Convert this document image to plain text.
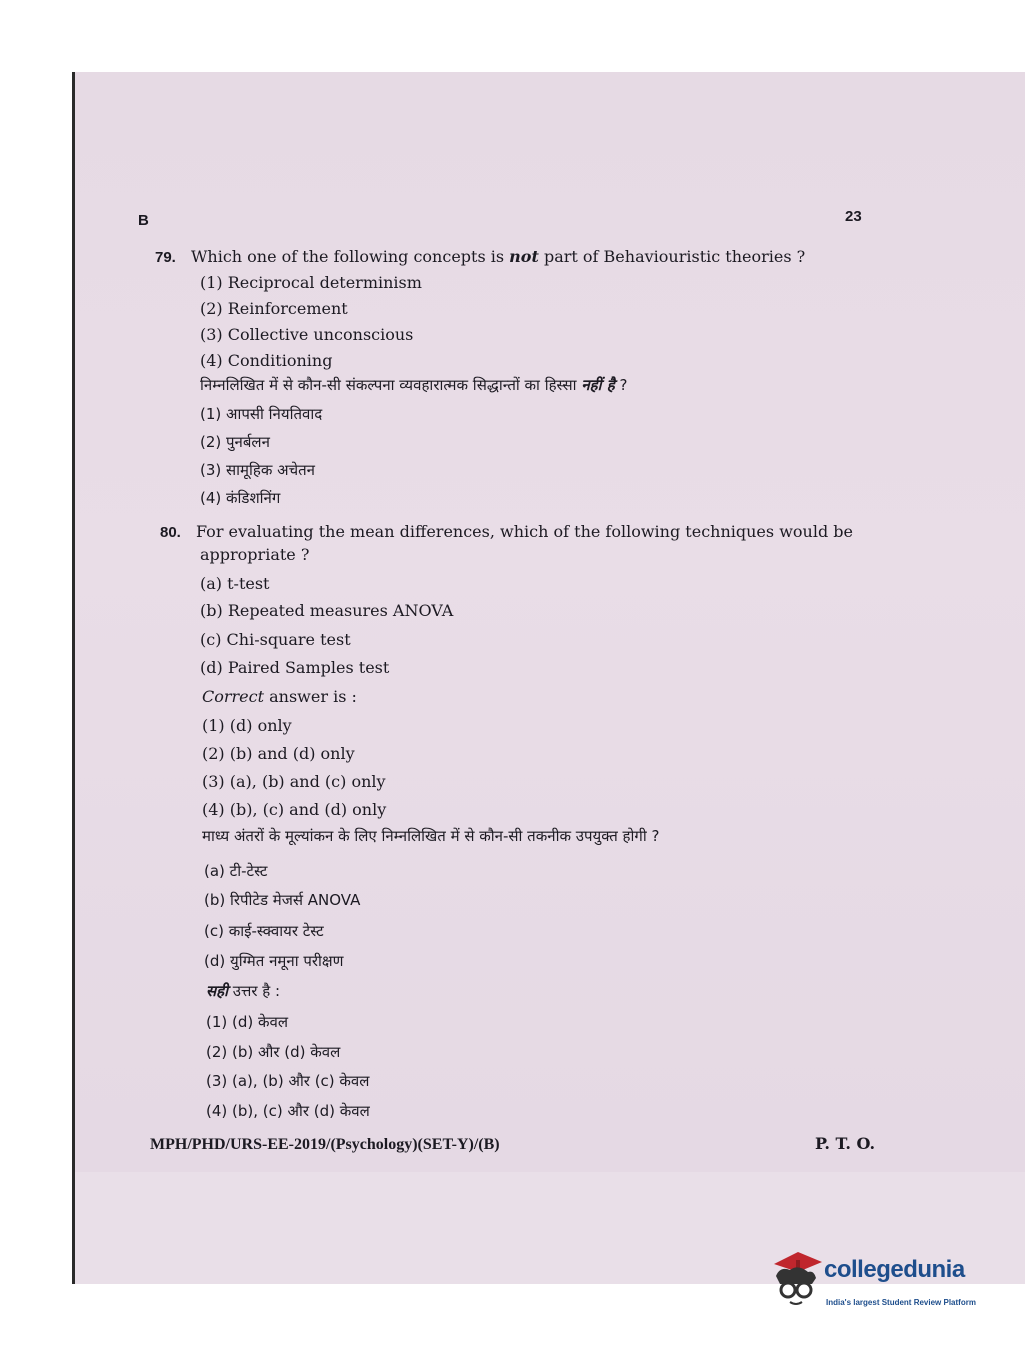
B	23
79. Which one of the following concepts is not part of Behaviouristic theories ?
(1) Reciprocal determinism
(2) Reinforcement
(3) Collective unconscious
(4) Conditioning
निम्नलिखित में से कौन-सी संकल्पना व्यवहारात्मक सिद्धान्तों का हिस्सा नहीं है ?
(1) आपसी नियतिवाद
(2) पुनर्बलन
(3) सामूहिक अचेतन
(4) कंडिशनिंग
80. For evaluating the mean differences, which of the following techniques would be
appropriate ?
(a) t-test
(b) Repeated measures ANOVA
(c) Chi-square test
(d) Paired Samples test
Correct answer is :
(1) (d) only
(2) (b) and (d) only
(3) (a), (b) and (c) only
(4) (b), (c) and (d) only
माध्य अंतरों के मूल्यांकन के लिए निम्नलिखित में से कौन-सी तकनीक उपयुक्त होगी ?
(a) टी-टेस्ट
(b) रिपीटेड मेजर्स ANOVA
(c) काई-स्क्वायर टेस्ट
(d) युग्मित नमूना परीक्षण
सही उत्तर है :
(1) (d) केवल
(2) (b) और (d) केवल
(3) (a), (b) और (c) केवल
(4) (b), (c) और (d) केवल
MPH/PHD/URS-EE-2019/(Psychology)(SET-Y)/(B)	P. T. O.
collegedunia
India's largest Student Review Platform
